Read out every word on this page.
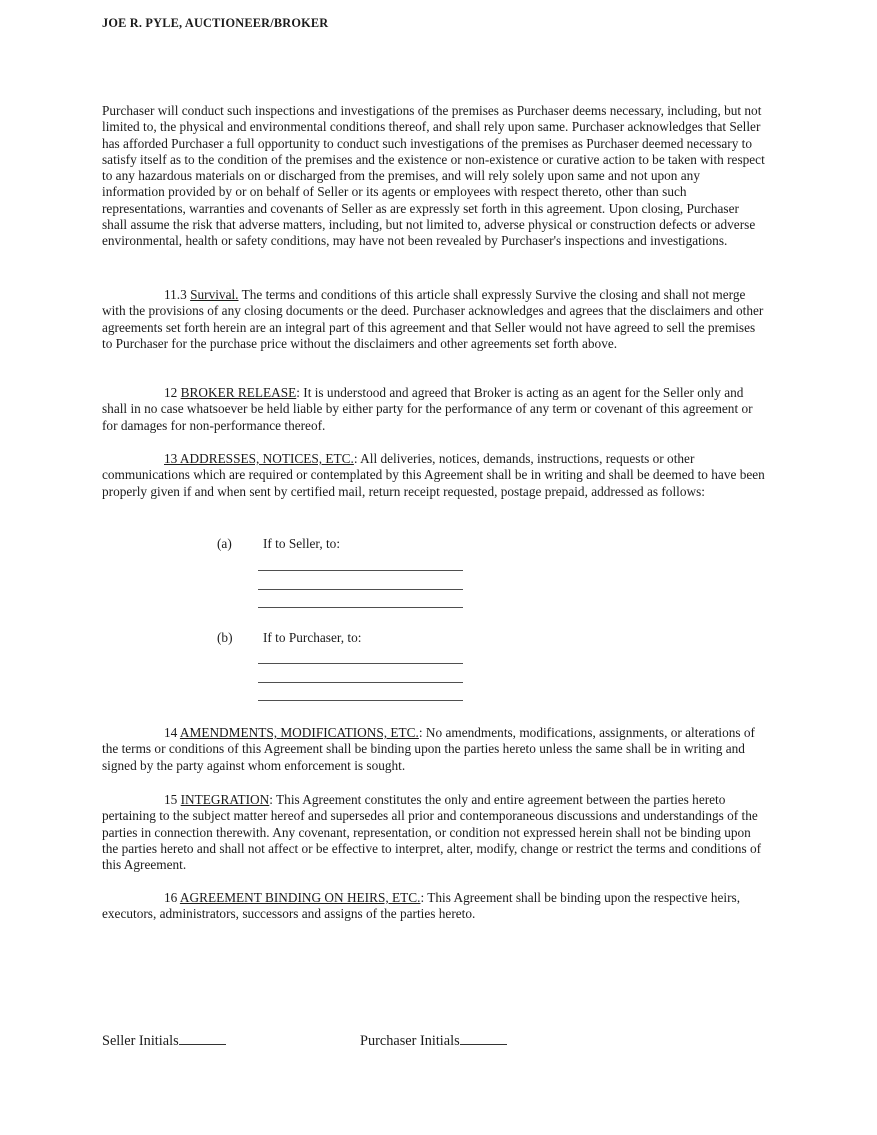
JOE R. PYLE, AUCTIONEER/BROKER
Purchaser will conduct such inspections and investigations of the premises as Purchaser deems necessary, including, but not limited to, the physical and environmental conditions thereof, and shall rely upon same. Purchaser acknowledges that Seller has afforded Purchaser a full opportunity to conduct such investigations of the premises as Purchaser deemed necessary to satisfy itself as to the condition of the premises and the existence or non-existence or curative action to be taken with respect to any hazardous materials on or discharged from the premises, and will rely solely upon same and not upon any information provided by or on behalf of Seller or its agents or employees with respect thereto, other than such representations, warranties and covenants of Seller as are expressly set forth in this agreement. Upon closing, Purchaser shall assume the risk that adverse matters, including, but not limited to, adverse physical or construction defects or adverse environmental, health or safety conditions, may have not been revealed by Purchaser's inspections and investigations.
11.3 Survival. The terms and conditions of this article shall expressly Survive the closing and shall not merge with the provisions of any closing documents or the deed. Purchaser acknowledges and agrees that the disclaimers and other agreements set forth herein are an integral part of this agreement and that Seller would not have agreed to sell the premises to Purchaser for the purchase price without the disclaimers and other agreements set forth above.
12 BROKER RELEASE: It is understood and agreed that Broker is acting as an agent for the Seller only and shall in no case whatsoever be held liable by either party for the performance of any term or covenant of this agreement or for damages for non-performance thereof.
13 ADDRESSES, NOTICES, ETC.: All deliveries, notices, demands, instructions, requests or other communications which are required or contemplated by this Agreement shall be in writing and shall be deemed to have been properly given if and when sent by certified mail, return receipt requested, postage prepaid, addressed as follows:
(a) If to Seller, to:
(b) If to Purchaser, to:
14 AMENDMENTS, MODIFICATIONS, ETC.: No amendments, modifications, assignments, or alterations of the terms or conditions of this Agreement shall be binding upon the parties hereto unless the same shall be in writing and signed by the party against whom enforcement is sought.
15 INTEGRATION: This Agreement constitutes the only and entire agreement between the parties hereto pertaining to the subject matter hereof and supersedes all prior and contemporaneous discussions and understandings of the parties in connection therewith. Any covenant, representation, or condition not expressed herein shall not be binding upon the parties hereto and shall not affect or be effective to interpret, alter, modify, change or restrict the terms and conditions of this Agreement.
16 AGREEMENT BINDING ON HEIRS, ETC.: This Agreement shall be binding upon the respective heirs, executors, administrators, successors and assigns of the parties hereto.
Seller Initials	Purchaser Initials
